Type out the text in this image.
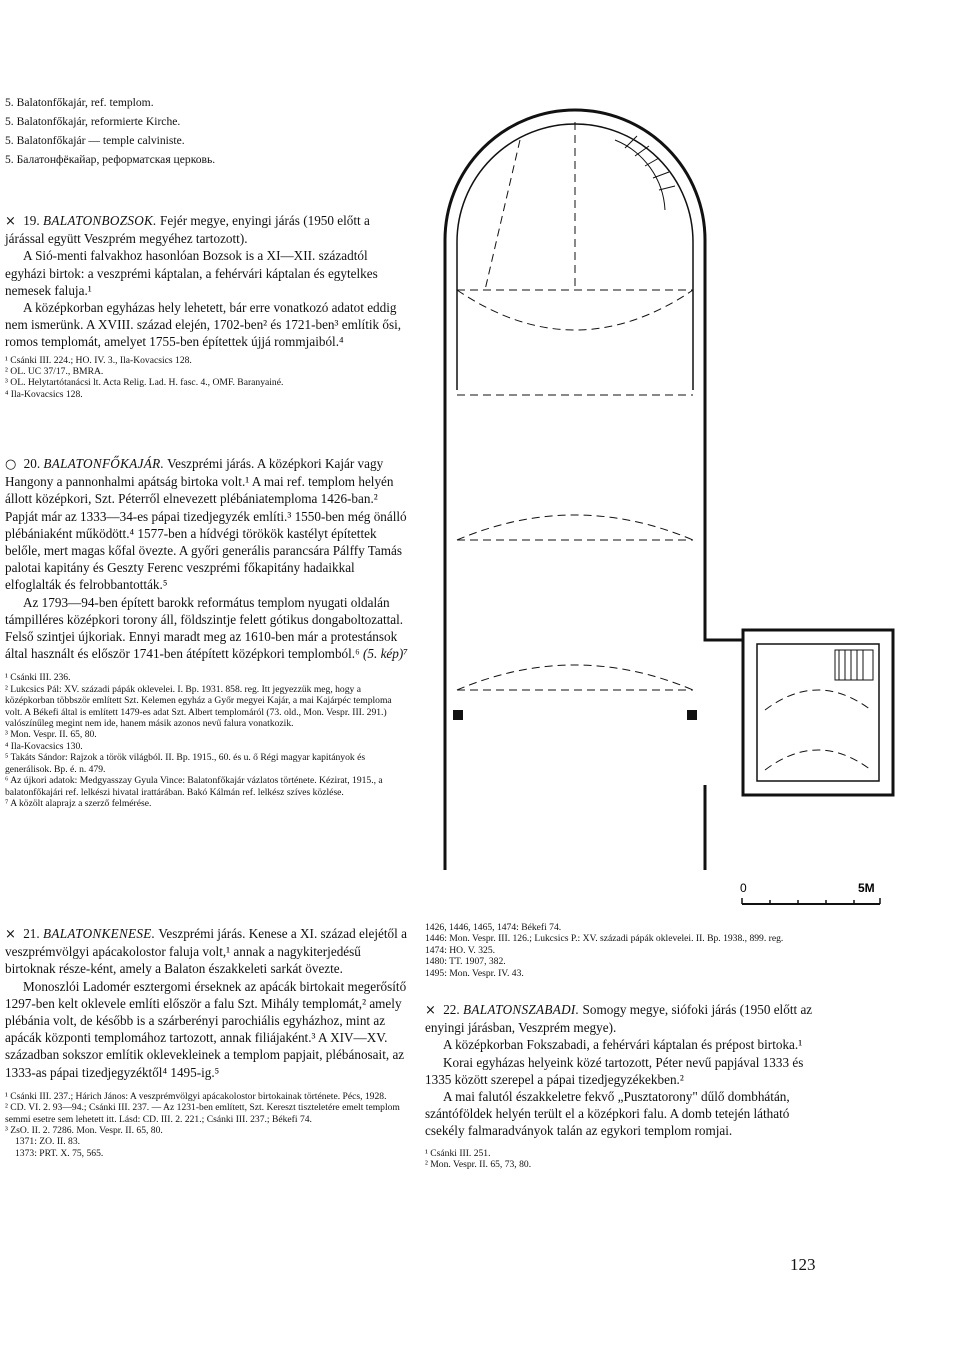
5. Balatonfőkajár, ref. templom.

5. Balatonfőkajár, reformierte Kirche.

5. Balatonfőkajár — temple calviniste.

5. Балатонфёкайар, реформатская церковь.

× 19. BALATONBOZSOK. Fejér megye, enyingi járás (1950 előtt a járással együtt Veszprém megyéhez tartozott).

A Sió-menti falvakhoz hasonlóan Bozsok is a XI—XII. századtól egyházi birtok: a veszprémi káptalan, a fehérvári káptalan és egytelkes nemesek faluja.¹

A középkorban egyházas hely lehetett, bár erre vonatkozó adatot eddig nem ismerünk. A XVIII. század elején, 1702-ben² és 1721-ben³ említik ősi, romos templomát, amelyet 1755-ben építettek újjá rommjaiból.⁴

¹ Csánki III. 224.; HO. IV. 3., Ila-Kovacsics 128.

² OL. UC 37/17., BMRA.

³ OL. Helytartótanácsi lt. Acta Relig. Lad. H. fasc. 4., OMF. Baranyainé.

⁴ Ila-Kovacsics 128.

○ 20. BALATONFŐKAJÁR. Veszprémi járás. A középkori Kajár vagy Hangony a pannonhalmi apátság birtoka volt.¹ A mai ref. templom helyén állott középkori, Szt. Péterről elnevezett plébániatemploma 1426-ban.² Papját már az 1333—34-es pápai tizedjegyzék említi.³ 1550-ben még önálló plébániaként működött.⁴ 1577-ben a hídvégi törökök kastélyt építettek belőle, mert magas kőfal övezte. A győri generális parancsára Pálffy Tamás palotai kapitány és Geszty Ferenc veszprémi főkapitány hadaikkal elfoglalták és felrobbantották.⁵

Az 1793—94-ben épített barokk református templom nyugati oldalán támpilléres középkori torony áll, földszintje felett gótikus dongaboltozattal. Felső szintjei újkoriak. Ennyi maradt meg az 1610-ben már a protestánsok által használt és először 1741-ben átépített középkori templomból.⁶ (5. kép)⁷

¹ Csánki III. 236.

² Lukcsics Pál: XV. századi pápák oklevelei. I. Bp. 1931. 858. reg. Itt jegyezzük meg, hogy a középkorban többször említett Szt. Kelemen egyház a Győr megyei Kajár, a mai Kajárpéc temploma volt. A Békefi által is említett 1479-es adat Szt. Albert templomáról (73. old., Mon. Vespr. III. 291.) valószínűleg megint nem ide, hanem másik azonos nevű falura vonatkozik.

³ Mon. Vespr. II. 65, 80.

⁴ Ila-Kovacsics 130.

⁵ Takáts Sándor: Rajzok a török világból. II. Bp. 1915., 60. és u. ő Régi magyar kapitányok és generálisok. Bp. é. n. 479.

⁶ Az újkori adatok: Medgyasszay Gyula Vince: Balatonfőkajár vázlatos története. Kézirat, 1915., a balatonfőkajári ref. lelkészi hivatal irattárában. Bakó Kálmán ref. lelkész szíves közlése.

⁷ A közölt alaprajz a szerző felmérése.

0	5M

× 21. BALATONKENESE. Veszprémi járás. Kenese a XI. század elejétől a veszprémvölgyi apácakolostor faluja volt,¹ annak a nagykiterjedésű birtoknak része-ként, amely a Balaton északkeleti sarkát övezte.

Monoszlói Ladomér esztergomi érseknek az apácák birtokait megerősítő 1297-ben kelt oklevele említi először a falu Szt. Mihály templomát,² amely plébánia volt, de később is a szárberényi parochiális egyházhoz, mint az apácák központi templomához tartozott, annak filiájaként.³ A XIV—XV. században sokszor említik oklevekleinek a templom papjait, plébánosait, az 1333-as pápai tizedjegyzéktől⁴ 1495-ig.⁵

¹ Csánki III. 237.; Hárich János: A veszprémvölgyi apácakolostor birtokainak története. Pécs, 1928.

² CD. VI. 2. 93—94.; Csánki III. 237. — Az 1231-ben említett, Szt. Kereszt tiszteletére emelt templom semmi esetre sem lehetett itt. Lásd: CD. III. 2. 221.; Csánki III. 237.; Békefi 74.

³ ZsO. II. 2. 7286. Mon. Vespr. II. 65, 80.

1371: ZO. II. 83.

1373: PRT. X. 75, 565.

1426, 1446, 1465, 1474: Békefi 74.

1446: Mon. Vespr. III. 126.; Lukcsics P.: XV. századi pápák oklevelei. II. Bp. 1938., 899. reg.

1474: HO. V. 325.

1480: TT. 1907, 382.

1495: Mon. Vespr. IV. 43.

× 22. BALATONSZABADI. Somogy megye, siófoki járás (1950 előtt az enyingi járásban, Veszprém megye).

A középkorban Fokszabadi, a fehérvári káptalan és prépost birtoka.¹

Korai egyházas helyeink közé tartozott, Péter nevű papjával 1333 és 1335 között szerepel a pápai tizedjegyzékekben.²

A mai falutól északkeletre fekvő „Pusztatorony" dűlő dombhátán, szántóföldek helyén terült el a középkori falu. A domb tetején látható csekély falmaradványok talán az egykori templom romjai.

¹ Csánki III. 251.

² Mon. Vespr. II. 65, 73, 80.

123
